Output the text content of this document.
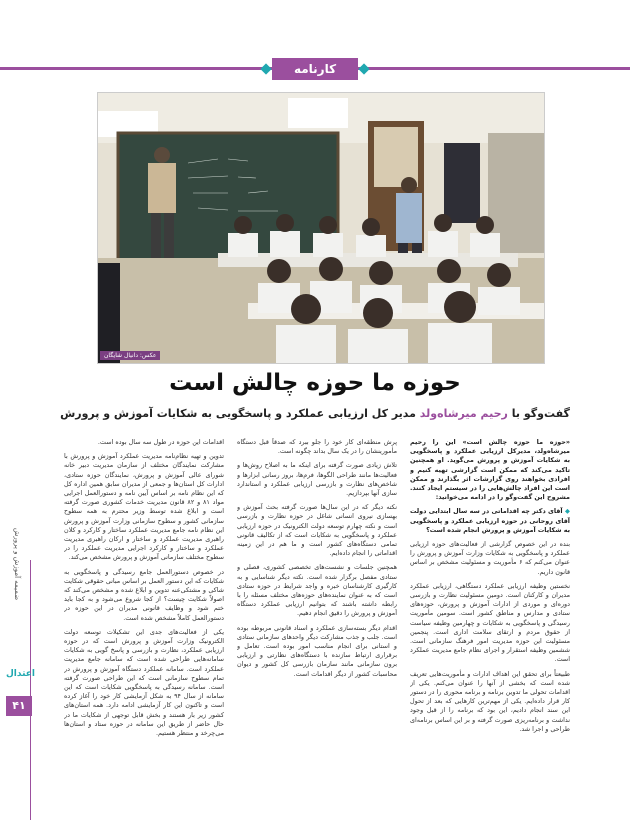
کارنامه
عکس: دانیال شایگان
حوزه ما حوزه چالش است
گفت‌وگو با رحیم میرشاه‌ولد مدیر کل ارزیابی عملکرد و پاسخگویی به شکایات آموزش و پرورش

«حوزه ما حوزه چالش است» این را رحیم میرشاه‌ولد، مدیرکل ارزیابی عملکرد و پاسخگویی به شکایات آموزش و پرورش می‌گوید. او همچنین تاکید می‌کند که ممکن است گزارشی تهیه کنیم و افرادی بخواهند روی گزارشات اثر بگذارند و ممکن است این افراد چالش‌هایی را در سیستم ایجاد کنند. مشروح این گفت‌وگو را در ادامه می‌خوانید:

◆ آقای دکتر چه اقداماتی در سه سال ابتدایی دولت آقای روحانی در حوزه ارزیابی عملکرد و پاسخگویی به شکایات آموزش و پرورش انجام شده است؟

بنده در این خصوص گزارشی از فعالیت‌های حوزه ارزیابی عملکرد و پاسخگویی به شکایات وزارت آموزش و پرورش را عنوان می‌کنم که ۶ مأموریت و مسئولیت مشخص بر اساس قانون داریم.

نخستین وظیفه ارزیابی عملکرد دستگاهی، ارزیابی عملکرد مدیران و کارکنان است. دومین مسئولیت نظارت و بازرسی دوره‌ای و موردی از ادارات آموزش و پرورش، حوزه‌های ستادی و مدارس و مناطق کشور است. سومین مأموریت رسیدگی و پاسخگویی به شکایات و چهارمین وظیفه سیاست از حقوق مردم و ارتقای سلامت اداری است. پنجمین مسئولیت این حوزه مدیریت امور فرهنگ سازمانی است. ششمین وظیفه استقرار و اجرای نظام جامع مدیریت عملکرد است.

طبیعتاً برای تحقق این اهداف ادارات و مأموریت‌هایی تعریف شده است که بخشی از آنها را عنوان می‌کنم. یکی از اقدامات تحولی ما تدوین برنامه و برنامه محوری را در دستور کار قرار داده‌ایم. یکی از مهم‌ترین کارهایی که بعد از تحول این سند انجام دادیم، این بود که برنامه را از قبل وجود نداشت و برنامه‌ریزی صورت گرفته و بر این اساس برنامه‌ای طراحی و اجرا شد.

پرش منطقه‌ای کار خود را جلو ببرد که صدقاً قبل دستگاه مأمورینشان را در یک سال بداند چگونه است.

تلاش زیادی صورت گرفته برای اینکه ما به اصلاح روش‌ها و فعالیت‌ها مانند طراحی الگوها، فرم‌ها، بروز رسانی ابزارها و شاخص‌های نظارت و بازرسی ارزیابی عملکرد و استاندارد سازی آنها بپردازیم.

نکته دیگر که در این سال‌ها صورت گرفته بحث آموزش و بهسازی نیروی انسانی شاغل در حوزه نظارت و بازرسی است و نکته چهارم توسعه دولت الکترونیک در حوزه ارزیابی عملکرد و پاسخگویی به شکایات است که از تکالیف قانونی تمامی دستگاه‌های کشور است و ما هم در این زمینه اقداماتی را انجام داده‌ایم.

همچنین جلسات و نشست‌های تخصصی کشوری، فصلی و ستادی مفصل برگزار شده است. نکته دیگر شناسایی و به کارگیری کارشناسان خبره و واجد شرایط در حوزه ستادی است که به عنوان نماینده‌های حوزه‌های مختلف مسئله را با رابطه داشته باشند که بتوانیم ارزیابی عملکرد دستگاه آموزش و پرورش را دقیق انجام دهیم.

اقدام دیگر بسته‌سازی عملکرد و اسناد قانونی مربوطه بوده است. جلب و جذب مشارکت دیگر واحدهای سازمانی ستادی و استانی برای انجام مناسب امور بوده است. تعامل و برقراری ارتباط سازنده با دستگاه‌های نظارتی و ارزیابی برون سازمانی مانند سازمان بازرسی کل کشور و دیوان محاسبات کشور از دیگر اقدامات است.

اقدامات این حوزه در طول سه سال بوده است.

تدوین و تهیه نظام‌نامه مدیریت عملکرد آموزش و پرورش با مشارکت نمایندگان مختلف از سازمان مدیریت دبیر خانه شورای عالی آموزش و پرورش، نمایندگان حوزه ستادی، ادارات کل استان‌ها و جمعی از مدیران سابق همین اداره کل که این نظام نامه بر اساس آیین نامه و دستورالعمل اجرایی مواد ۸۱ و ۸۲ قانون مدیریت خدمات کشوری صورت گرفته است و ابلاغ شده توسط وزیر محترم به همه سطوح سازمانی کشور و سطوح سازمانی وزارت آموزش و پرورش این نظام نامه جامع مدیریت عملکرد ساختار و کارکرد و کلان راهبری مدیریت عملکرد و ساختار و ارکان راهبری مدیریت عملکرد و ساختار و کارکرد اجرایی مدیریت عملکرد را در سطوح مختلف سازمانی آموزش و پرورش مشخص می‌کند.

در خصوص دستورالعمل جامع رسیدگی و پاسخگویی به شکایات که این دستور العمل بر اساس مبانی حقوقی شکایت شاکی و مشتکی‌عنه تدوین و ابلاغ شده و مشخص می‌کند که اصولاً شکایت چیست؟ از کجا شروع می‌شود و به کجا باید ختم شود و وظایف قانونی مدیران در این حوزه در دستورالعمل کاملاً مشخص شده است.

یکی از فعالیت‌های جدی این تشکیلات توسعه دولت الکترونیک وزارت آموزش و پرورش است که در حوزه ارزیابی عملکرد، نظارت و بازرسی و پاسخ گویی به شکایات سامانه‌هایی طراحی شده است که سامانه جامع مدیریت عملکرد است. سامانه عملکرد دستگاه آموزش و پرورش در تمام سطوح سازمانی است که این طراحی صورت گرفته است. سامانه رسیدگی به پاسخگویی شکایات است که این سامانه از سال ۹۴ به شکل آزمایشی کار خود را آغاز کرده است و تاکنون این کار آزمایشی ادامه دارد. همه استان‌های کشور زیر بار هستند و بخش قابل توجهی از شکایات ما در حال حاضر از طریق این سامانه در حوزه ستاد و استان‌ها می‌چرخد و منتظر هستیم.

ضمیمه آموزش و پرورش
اعتدال
۴۱
